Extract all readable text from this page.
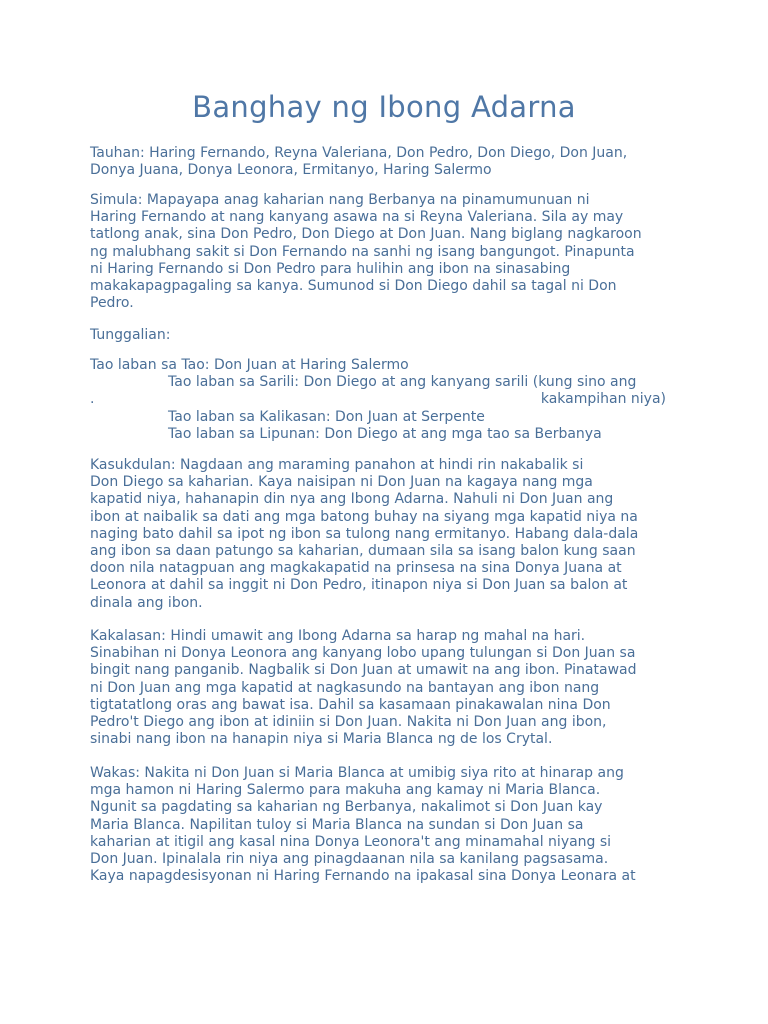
Banghay ng Ibong Adarna

Tauhan: Haring Fernando, Reyna Valeriana, Don Pedro, Don Diego, Don Juan,
Donya Juana, Donya Leonora, Ermitanyo, Haring Salermo

Simula: Mapayapa anag kaharian nang Berbanya na pinamumunuan ni
Haring Fernando at nang kanyang asawa na si Reyna Valeriana. Sila ay may
tatlong anak, sina Don Pedro, Don Diego at Don Juan. Nang biglang nagkaroon
ng malubhang sakit si Don Fernando na sanhi ng isang bangungot. Pinapunta
ni Haring Fernando si Don Pedro para hulihin ang ibon na sinasabing
makakapagpagaling sa kanya. Sumunod si Don Diego dahil sa tagal ni Don
Pedro.

Tunggalian:

Tao laban sa Tao: Don Juan at Haring Salermo
Tao laban sa Sarili: Don Diego at ang kanyang sarili (kung sino ang
.	kakampihan niya)
Tao laban sa Kalikasan: Don Juan at Serpente
Tao laban sa Lipunan: Don Diego at ang mga tao sa Berbanya

Kasukdulan: Nagdaan ang maraming panahon at hindi rin nakabalik si
Don Diego sa kaharian. Kaya naisipan ni Don Juan na kagaya nang mga
kapatid niya, hahanapin din nya ang Ibong Adarna. Nahuli ni Don Juan ang
ibon at naibalik sa dati ang mga batong buhay na siyang mga kapatid niya na
naging bato dahil sa ipot ng ibon sa tulong nang ermitanyo. Habang dala-dala
ang ibon sa daan patungo sa kaharian, dumaan sila sa isang balon kung saan
doon nila natagpuan ang magkakapatid na prinsesa na sina Donya Juana at
Leonora at dahil sa inggit ni Don Pedro, itinapon niya si Don Juan sa balon at
dinala ang ibon.

Kakalasan: Hindi umawit ang Ibong Adarna sa harap ng mahal na hari.
Sinabihan ni Donya Leonora ang kanyang lobo upang tulungan si Don Juan sa
bingit nang panganib. Nagbalik si Don Juan at umawit na ang ibon. Pinatawad
ni Don Juan ang mga kapatid at nagkasundo na bantayan ang ibon nang
tigtatatlong oras ang bawat isa. Dahil sa kasamaan pinakawalan nina Don
Pedro't Diego ang ibon at idiniin si Don Juan. Nakita ni Don Juan ang ibon,
sinabi nang ibon na hanapin niya si Maria Blanca ng de los Crytal.

Wakas: Nakita ni Don Juan si Maria Blanca at umibig siya rito at hinarap ang
mga hamon ni Haring Salermo para makuha ang kamay ni Maria Blanca.
Ngunit sa pagdating sa kaharian ng Berbanya, nakalimot si Don Juan kay
Maria Blanca. Napilitan tuloy si Maria Blanca na sundan si Don Juan sa
kaharian at itigil ang kasal nina Donya Leonora't ang minamahal niyang si
Don Juan. Ipinalala rin niya ang pinagdaanan nila sa kanilang pagsasama.
Kaya napagdesisyonan ni Haring Fernando na ipakasal sina Donya Leonara at
